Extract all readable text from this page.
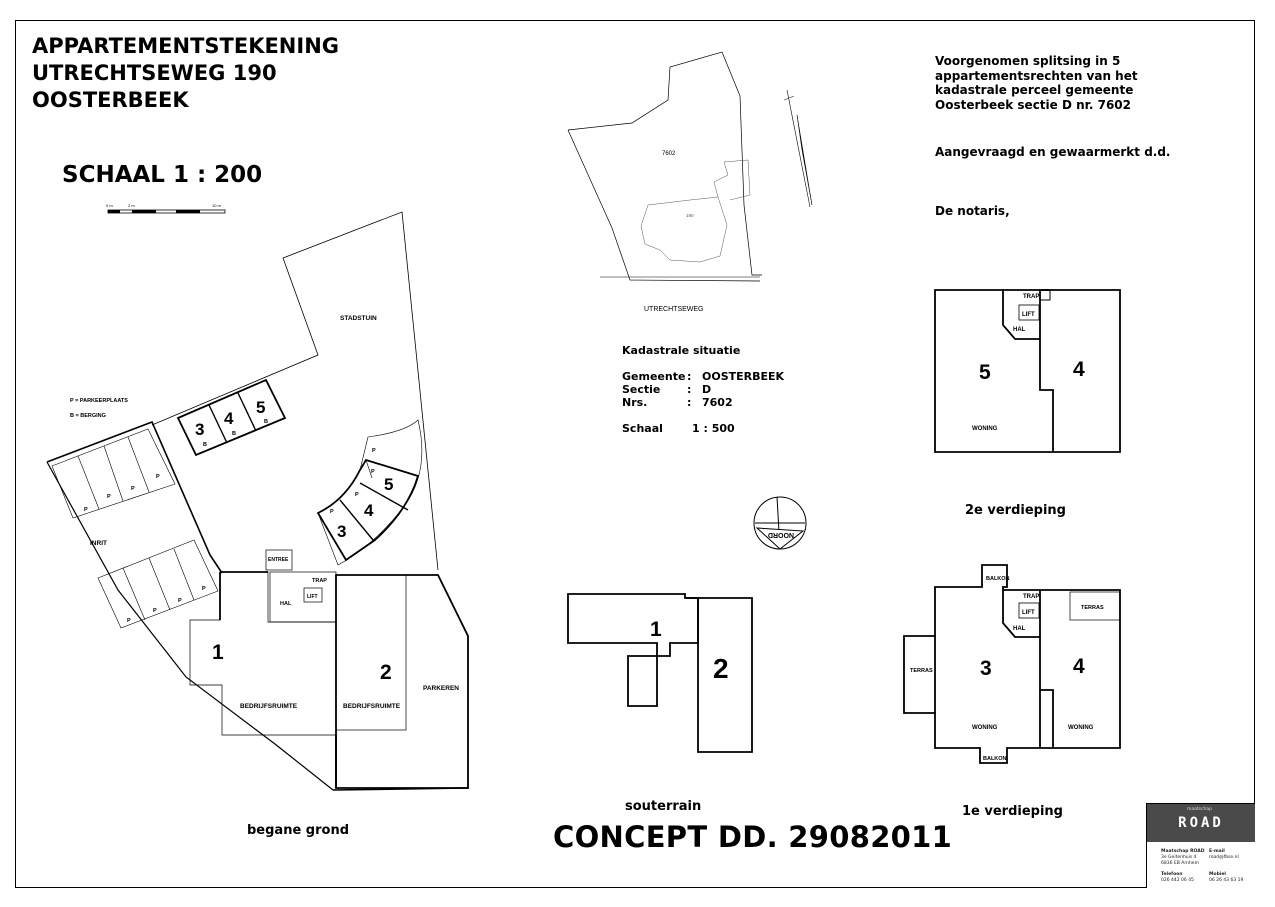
APPARTEMENTSTEKENING
UTRECHTSEWEG 190
OOSTERBEEK
SCHAAL 1 : 200
Voorgenomen splitsing in 5
appartementsrechten van het
kadastrale perceel gemeente
Oosterbeek sectie D nr. 7602
Aangevraagd en gewaarmerkt d.d.
De notaris,
Kadastrale situatie
Gemeente : OOSTERBEEK
Sectie : D
Nrs.	: 7602
Schaal	1 : 500
begane grond
souterrain	1e verdieping
2e verdieping
CONCEPT DD. 29082011
0 m	2 m	10 m
7602
190
UTRECHTSEWEG
NOORD
STADSTUIN
INRIT
1
BEDRIJFSRUIMTE
2
BEDRIJFSRUIMTE
PARKEREN
ENTREE
TRAP
LIFT
HAL
3
4
5
B
B
B
3
4
5
P
P
P
P
P
P
P
P
P
P
P
P
P = PARKEERPLAATS
B = BERGING
1
2
TRAP
LIFT
HAL
5	4
WONING
BALKON
BALKON
TERRAS
TERRAS
TRAP
LIFT
HAL
3	4
WONING	WONING
maatschap
ROAD
Maatschap ROAD
3e Geitenhuis 4
6836 EB Arnhem
E-mail
road@fbse.nl
Telefoon
026 442 06 45
Mobiel
06 26 43 63 19
